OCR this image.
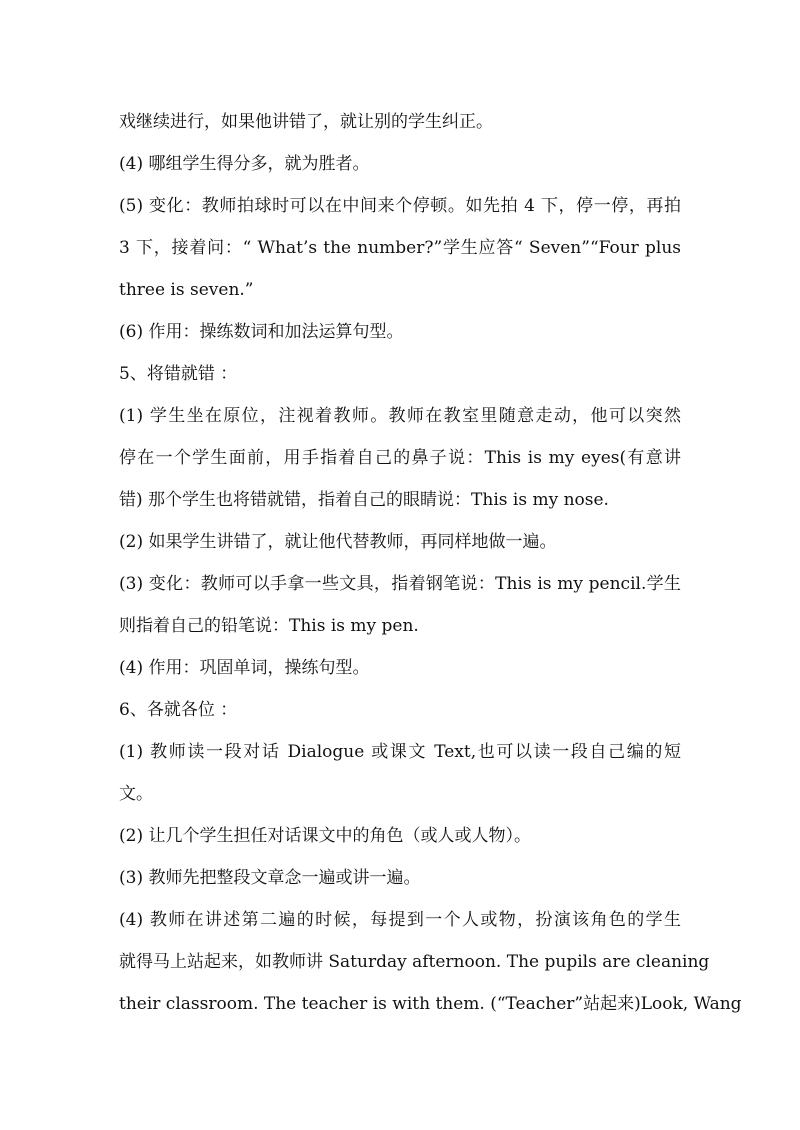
戏继续进行，如果他讲错了，就让别的学生纠正。
(4) 哪组学生得分多，就为胜者。
(5) 变化：教师拍球时可以在中间来个停顿。如先拍 4 下，停一停，再拍
3 下，接着问：“ What’s the number?”学生应答“ Seven”“Four plus
three is seven.”
(6) 作用：操练数词和加法运算句型。
5、将错就错 ：
(1) 学生坐在原位，注视着教师。教师在教室里随意走动，他可以突然
停在一个学生面前，用手指着自己的鼻子说：This is my eyes(有意讲
错) 那个学生也将错就错，指着自己的眼睛说：This is my nose.
(2) 如果学生讲错了，就让他代替教师，再同样地做一遍。
(3) 变化：教师可以手拿一些文具，指着钢笔说：This is my pencil.学生
则指着自己的铅笔说：This is my pen.
(4) 作用：巩固单词，操练句型。
6、各就各位 ：
(1) 教师读一段对话 Dialogue 或课文 Text,也可以读一段自己编的短
文。
(2) 让几个学生担任对话课文中的角色（或人或人物）。
(3) 教师先把整段文章念一遍或讲一遍。
(4) 教师在讲述第二遍的时候，每提到一个人或物，扮演该角色的学生
就得马上站起来，如教师讲 Saturday afternoon. The pupils are cleaning
their classroom. The teacher is with them. (“Teacher”站起来)Look, Wang
